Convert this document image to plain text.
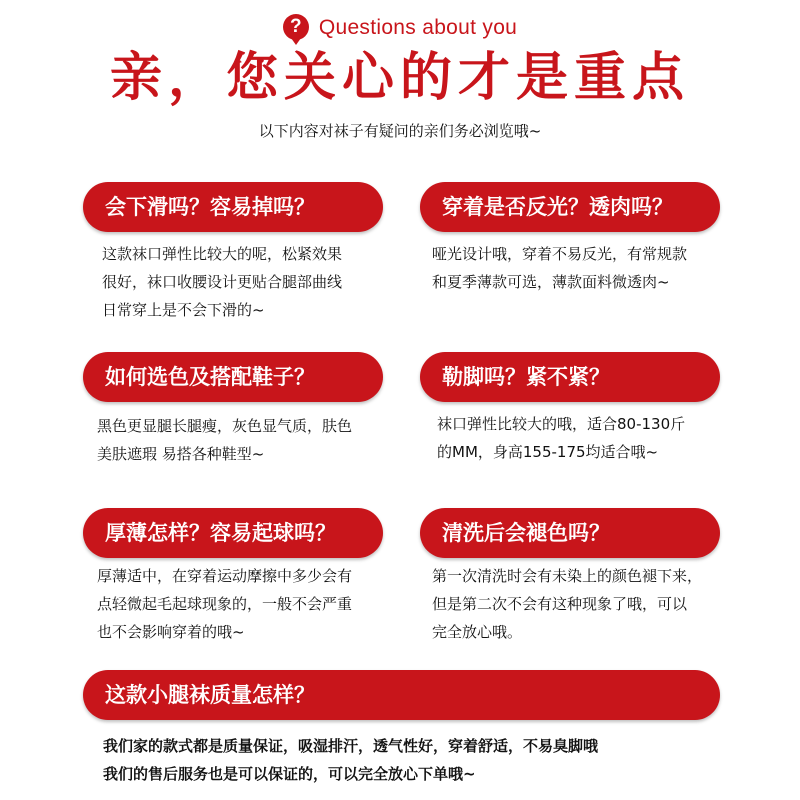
? Questions about you
亲，您关心的才是重点
以下内容对袜子有疑问的亲们务必浏览哦~
会下滑吗？容易掉吗？
这款袜口弹性比较大的呢，松紧效果
很好，袜口收腰设计更贴合腿部曲线
日常穿上是不会下滑的~
穿着是否反光？透肉吗？
哑光设计哦，穿着不易反光，有常规款
和夏季薄款可选，薄款面料微透肉~
如何选色及搭配鞋子？
黑色更显腿长腿瘦，灰色显气质，肤色
美肤遮瑕 易搭各种鞋型~
勒脚吗？紧不紧？
袜口弹性比较大的哦，适合80-130斤
的MM，身高155-175均适合哦~
厚薄怎样？容易起球吗？
厚薄适中，在穿着运动摩擦中多少会有
点轻微起毛起球现象的，一般不会严重
也不会影响穿着的哦~
清洗后会褪色吗？
第一次清洗时会有未染上的颜色褪下来，
但是第二次不会有这种现象了哦，可以
完全放心哦。
这款小腿袜质量怎样？
我们家的款式都是质量保证，吸湿排汗，透气性好，穿着舒适，不易臭脚哦
我们的售后服务也是可以保证的，可以完全放心下单哦~
